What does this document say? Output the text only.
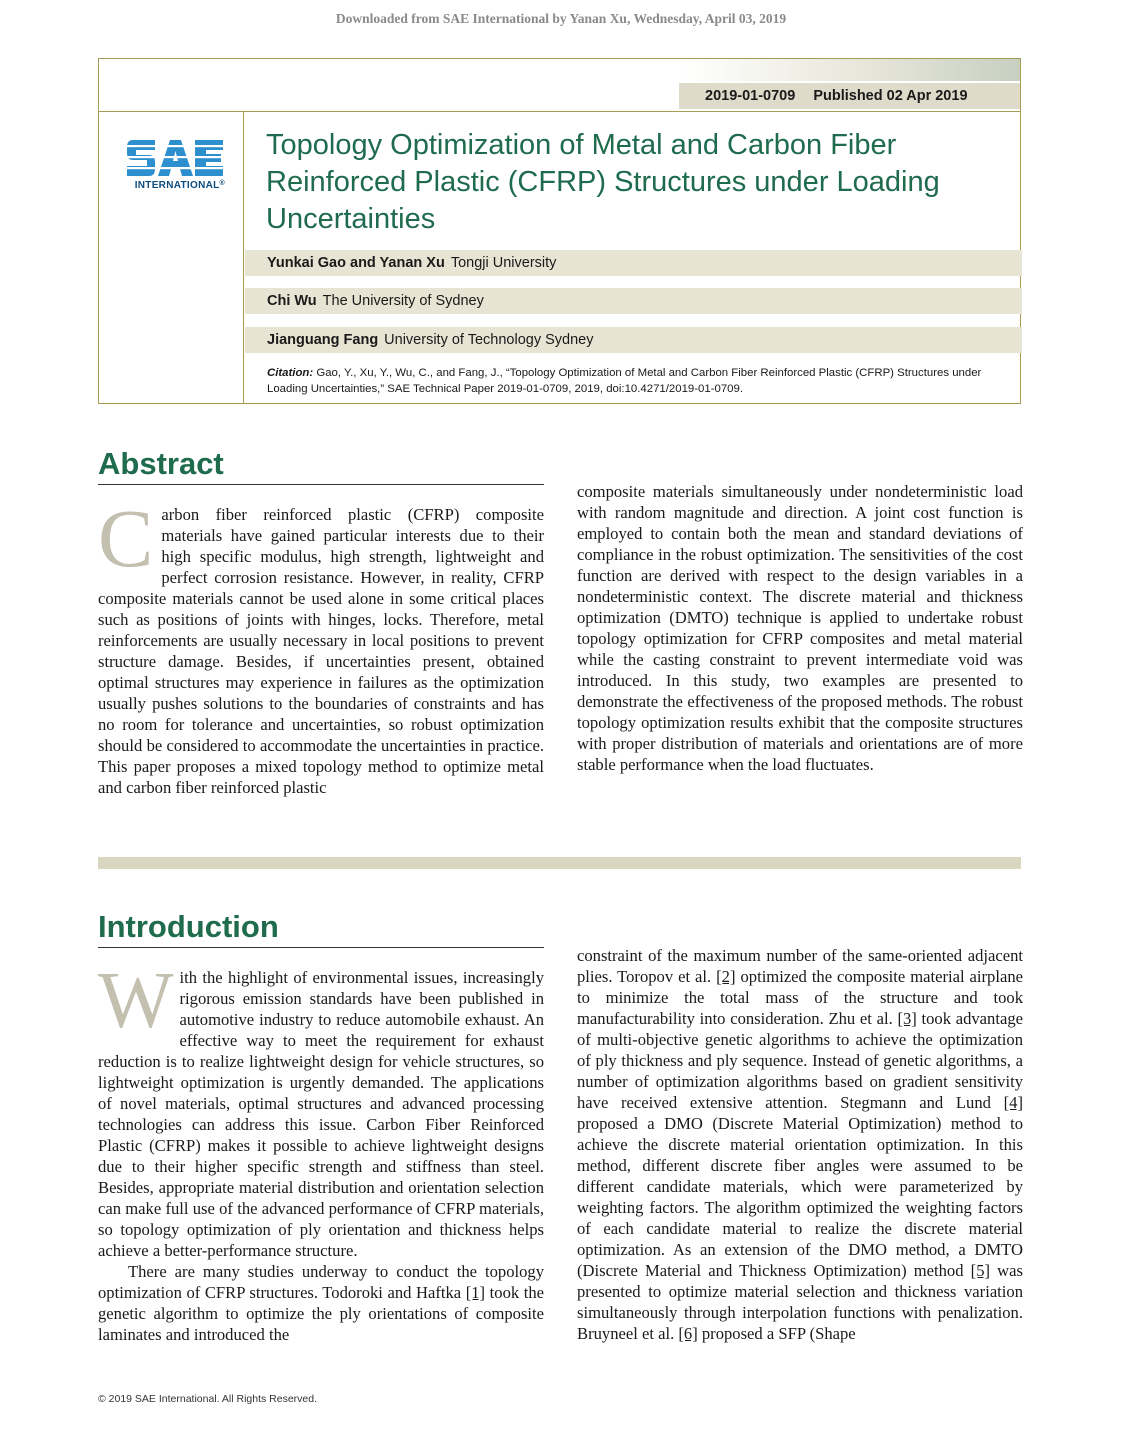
Downloaded from SAE International by Yanan Xu, Wednesday, April 03, 2019
2019-01-0709 Published 02 Apr 2019
INTERNATIONAL®
Topology Optimization of Metal and Carbon Fiber Reinforced Plastic (CFRP) Structures under Loading Uncertainties
Yunkai Gao and Yanan Xu Tongji University
Chi Wu The University of Sydney
Jianguang Fang University of Technology Sydney
Citation: Gao, Y., Xu, Y., Wu, C., and Fang, J., “Topology Optimization of Metal and Carbon Fiber Reinforced Plastic (CFRP) Structures under Loading Uncertainties,” SAE Technical Paper 2019-01-0709, 2019, doi:10.4271/2019-01-0709.
Abstract

Carbon fiber reinforced plastic (CFRP) composite materials have gained particular interests due to their high specific modulus, high strength, lightweight and perfect corrosion resistance. However, in reality, CFRP composite materials cannot be used alone in some critical places such as positions of joints with hinges, locks. Therefore, metal reinforcements are usually necessary in local positions to prevent structure damage. Besides, if uncertainties present, obtained optimal structures may experience in failures as the optimization usually pushes solutions to the boundaries of constraints and has no room for tolerance and uncertainties, so robust optimization should be considered to accommodate the uncertainties in practice. This paper proposes a mixed topology method to optimize metal and carbon fiber reinforced plastic

composite materials simultaneously under nondeterministic load with random magnitude and direction. A joint cost function is employed to contain both the mean and standard deviations of compliance in the robust optimization. The sensitivities of the cost function are derived with respect to the design variables in a nondeterministic context. The discrete material and thickness optimization (DMTO) technique is applied to undertake robust topology optimization for CFRP composites and metal material while the casting constraint to prevent intermediate void was introduced. In this study, two examples are presented to demonstrate the effectiveness of the proposed methods. The robust topology optimization results exhibit that the composite structures with proper distribution of materials and orientations are of more stable performance when the load fluctuates.

Introduction

With the highlight of environmental issues, increasingly rigorous emission standards have been published in automotive industry to reduce automobile exhaust. An effective way to meet the requirement for exhaust reduction is to realize lightweight design for vehicle structures, so lightweight optimization is urgently demanded. The applications of novel materials, optimal structures and advanced processing technologies can address this issue. Carbon Fiber Reinforced Plastic (CFRP) makes it possible to achieve lightweight designs due to their higher specific strength and stiffness than steel. Besides, appropriate material distribution and orientation selection can make full use of the advanced performance of CFRP materials, so topology optimization of ply orientation and thickness helps achieve a better-performance structure.

There are many studies underway to conduct the topology optimization of CFRP structures. Todoroki and Haftka [1] took the genetic algorithm to optimize the ply orientations of composite laminates and introduced the

constraint of the maximum number of the same-oriented adjacent plies. Toropov et al. [2] optimized the composite material airplane to minimize the total mass of the structure and took manufacturability into consideration. Zhu et al. [3] took advantage of multi-objective genetic algorithms to achieve the optimization of ply thickness and ply sequence. Instead of genetic algorithms, a number of optimization algorithms based on gradient sensitivity have received extensive attention. Stegmann and Lund [4] proposed a DMO (Discrete Material Optimization) method to achieve the discrete material orientation optimization. In this method, different discrete fiber angles were assumed to be different candidate materials, which were parameterized by weighting factors. The algorithm optimized the weighting factors of each candidate material to realize the discrete material optimization. As an extension of the DMO method, a DMTO (Discrete Material and Thickness Optimization) method [5] was presented to optimize material selection and thickness variation simultaneously through interpolation functions with penalization. Bruyneel et al. [6] proposed a SFP (Shape

© 2019 SAE International. All Rights Reserved.
